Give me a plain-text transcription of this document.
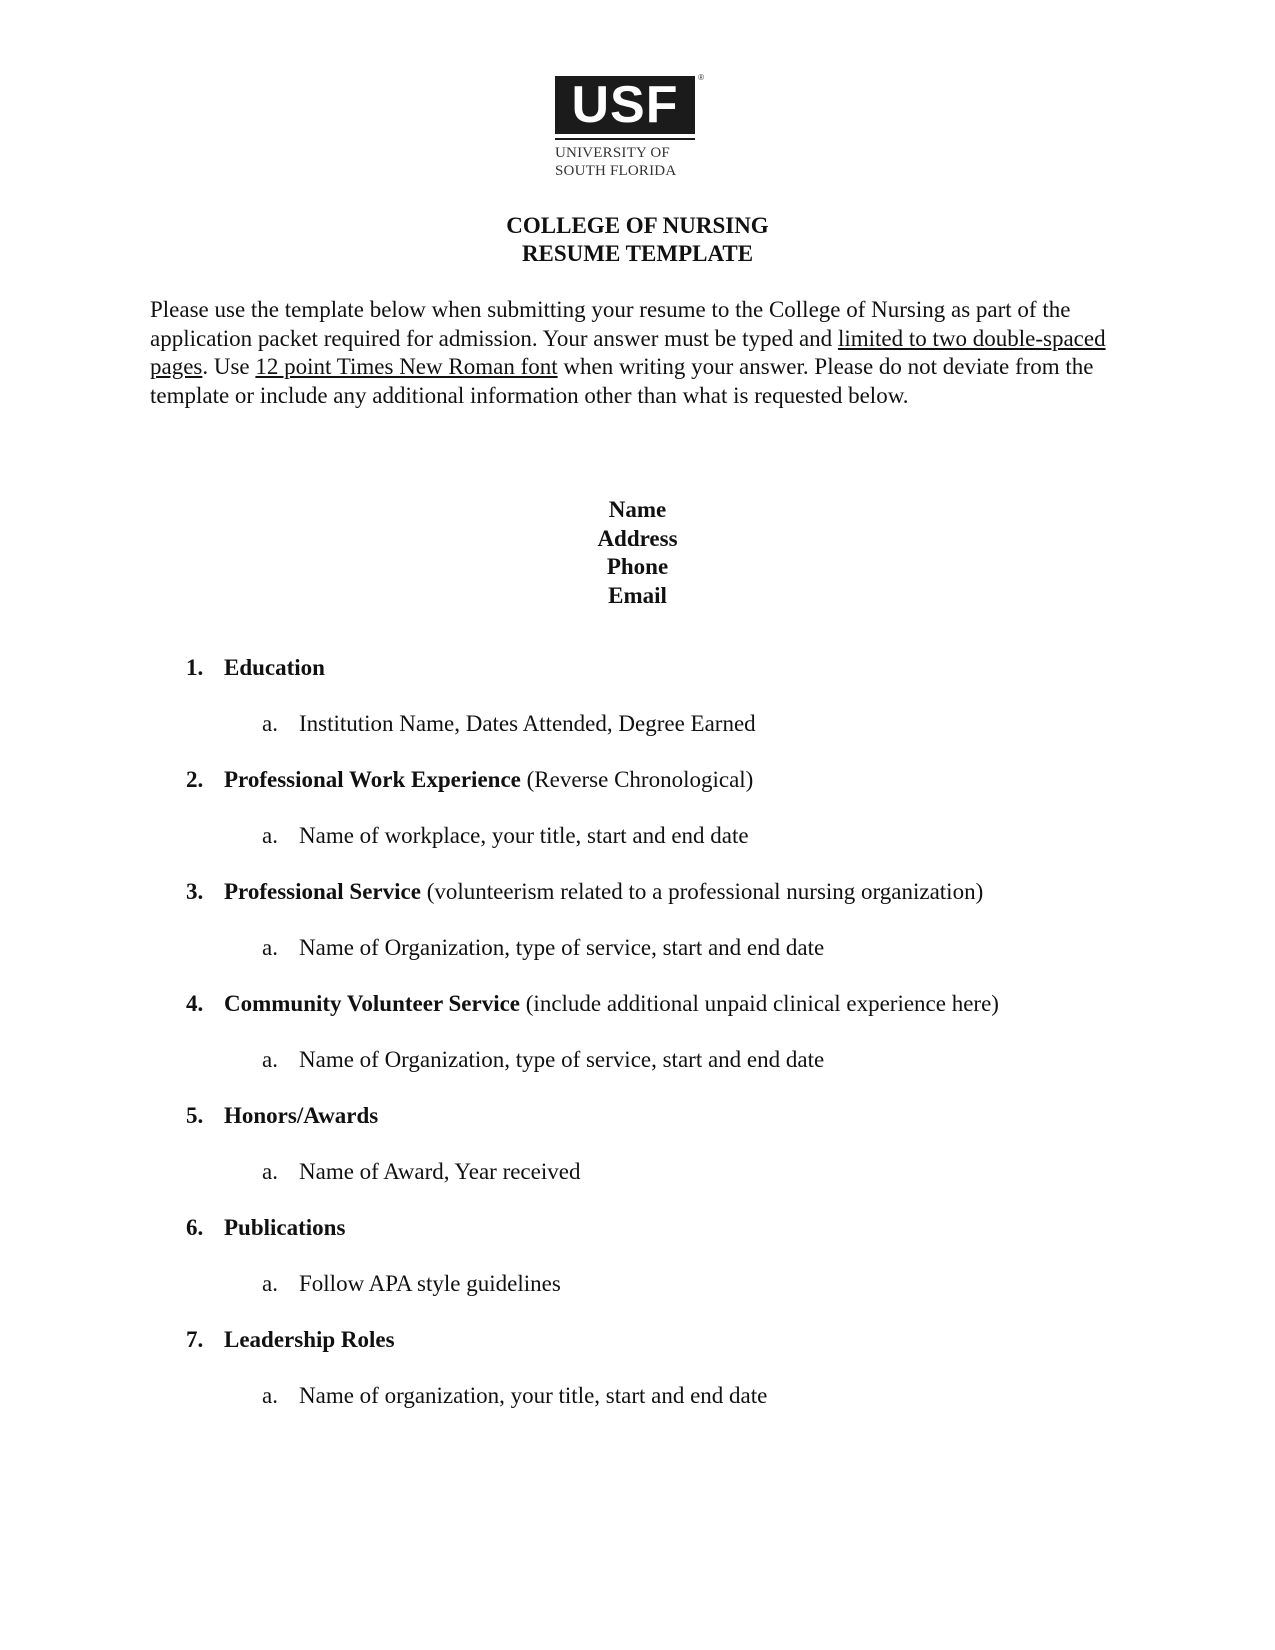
USF ®
UNIVERSITY OF
SOUTH FLORIDA
COLLEGE OF NURSING
RESUME TEMPLATE
Please use the template below when submitting your resume to the College of Nursing as part of the application packet required for admission. Your answer must be typed and limited to two double-spaced pages. Use 12 point Times New Roman font when writing your answer. Please do not deviate from the template or include any additional information other than what is requested below.
Name
Address
Phone
Email
1. Education
a. Institution Name, Dates Attended, Degree Earned
2. Professional Work Experience (Reverse Chronological)
a. Name of workplace, your title, start and end date
3. Professional Service (volunteerism related to a professional nursing organization)
a. Name of Organization, type of service, start and end date
4. Community Volunteer Service (include additional unpaid clinical experience here)
a. Name of Organization, type of service, start and end date
5. Honors/Awards
a. Name of Award, Year received
6. Publications
a. Follow APA style guidelines
7. Leadership Roles
a. Name of organization, your title, start and end date
